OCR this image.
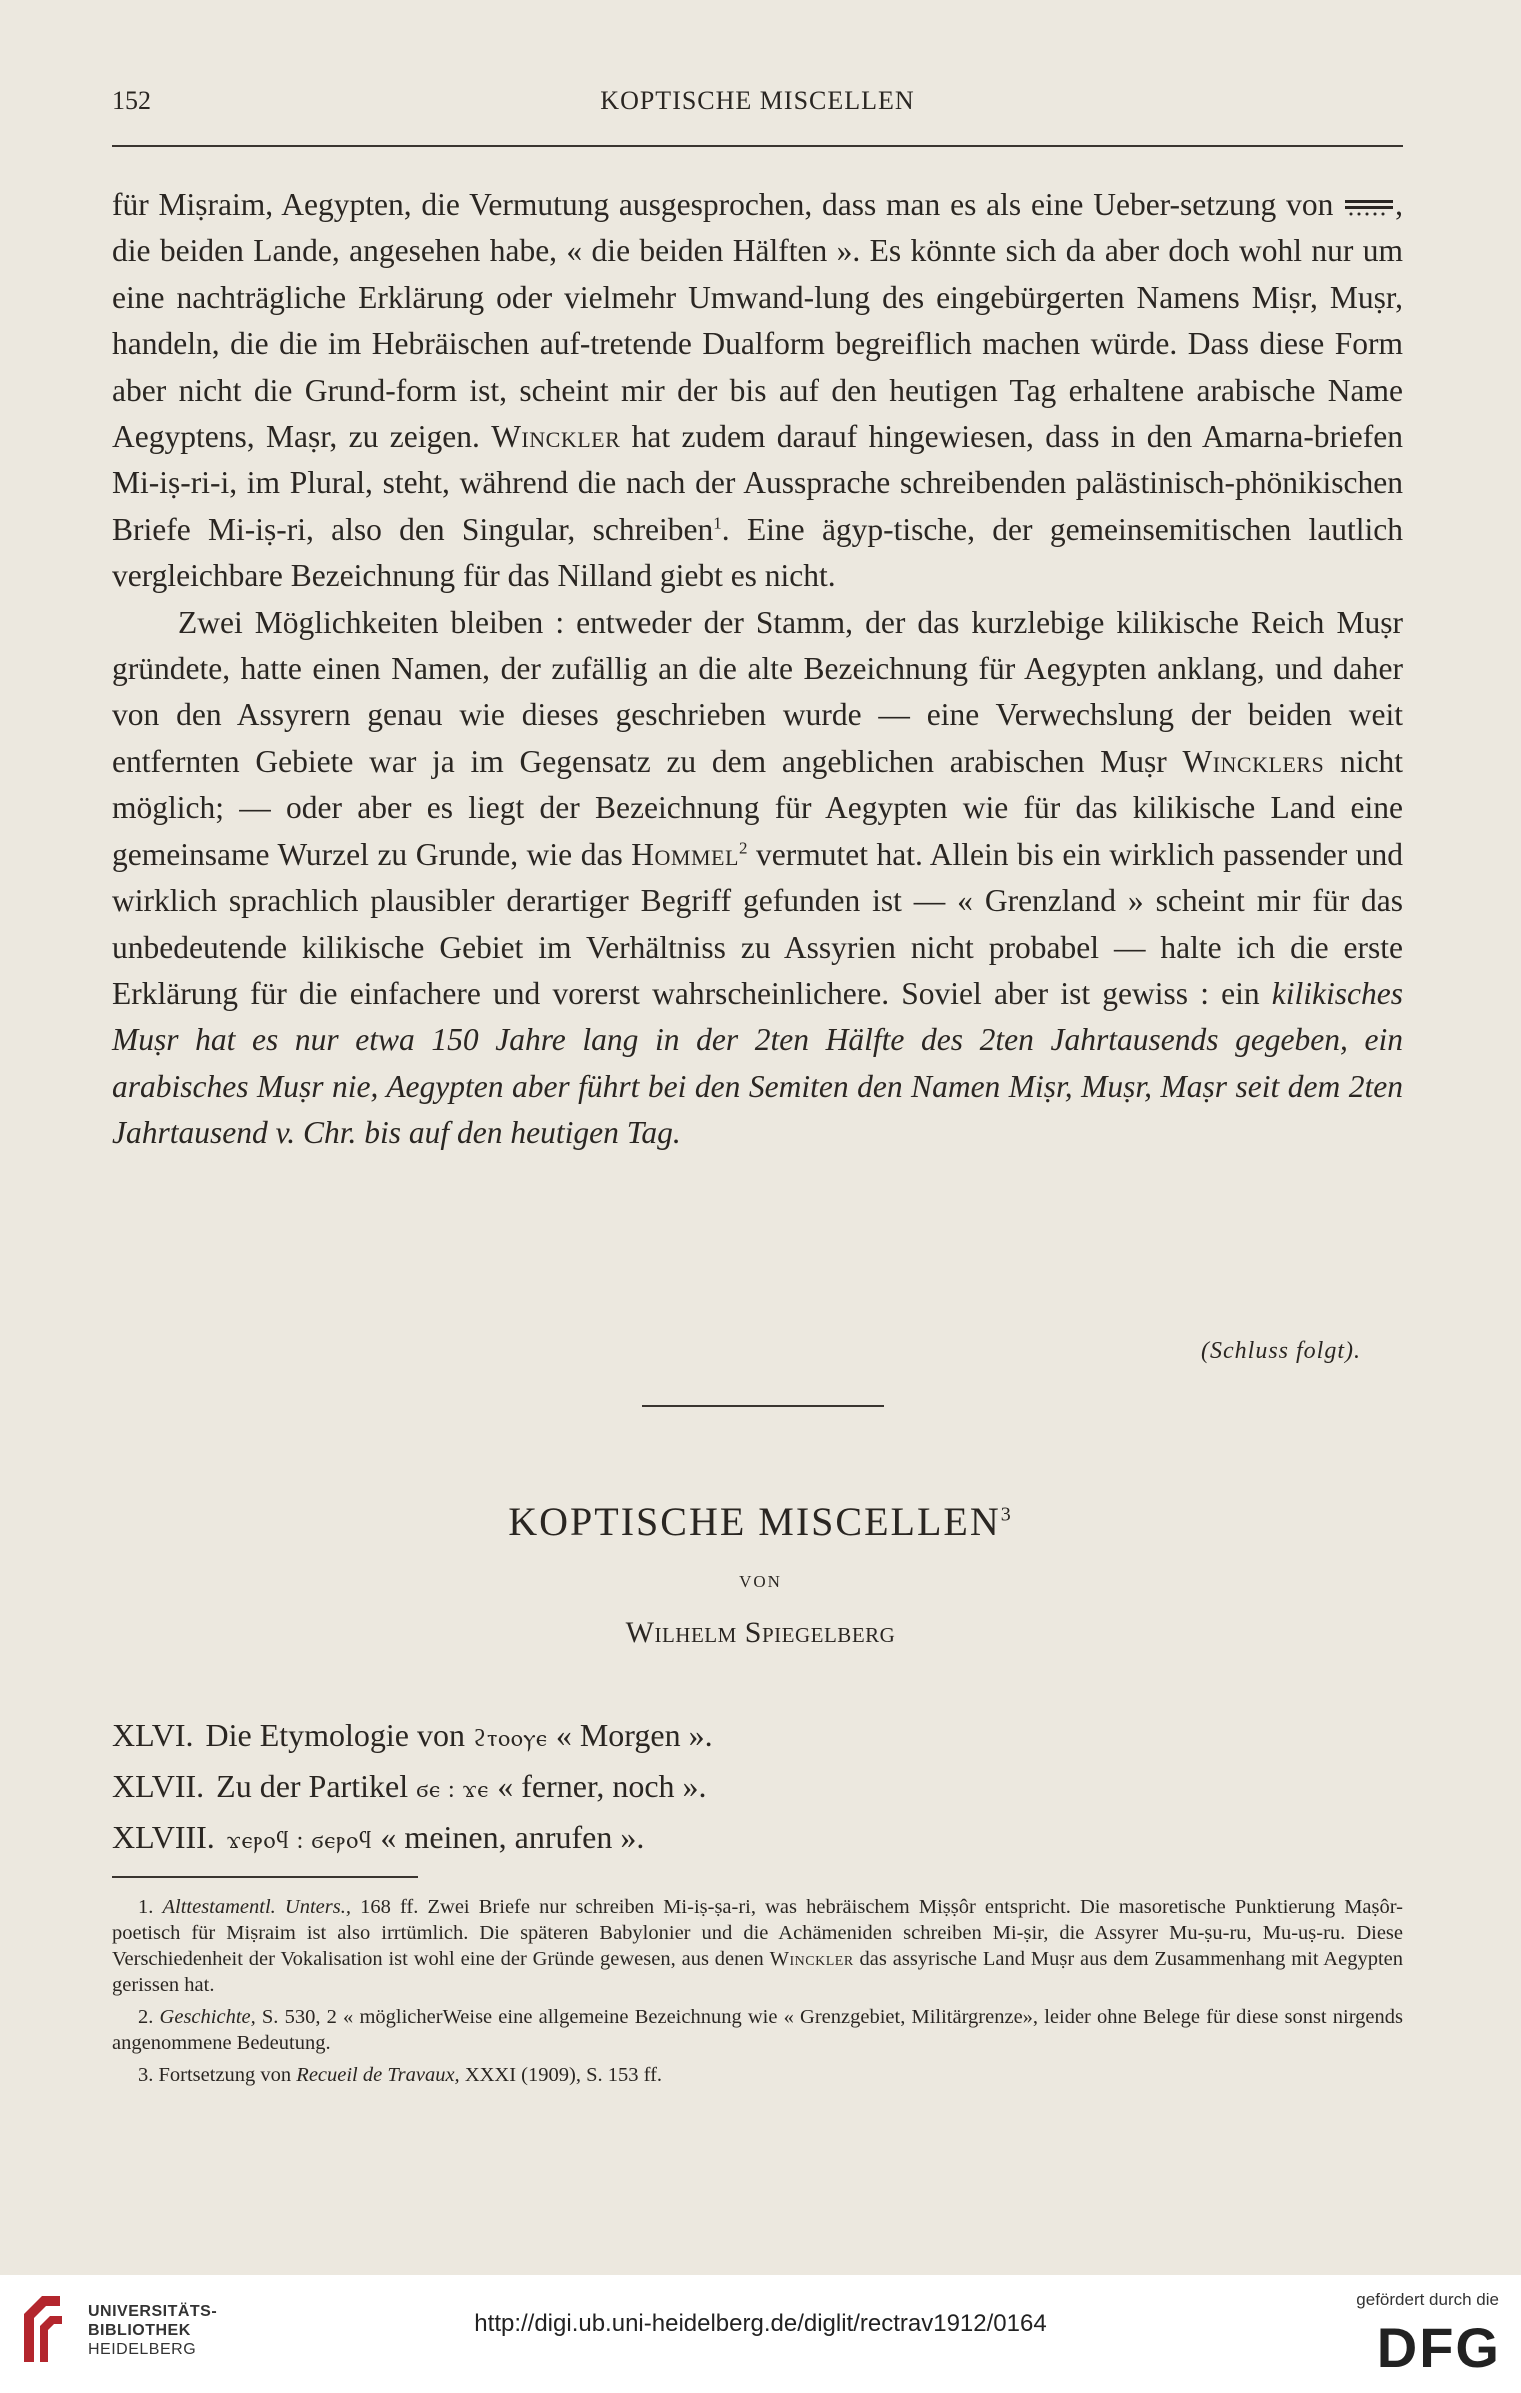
152	KOPTISCHE MISCELLEN

für Miṣraim, Aegypten, die Vermutung ausgesprochen, dass man es als eine Ueber-setzung von , die beiden Lande, angesehen habe, « die beiden Hälften ». Es könnte sich da aber doch wohl nur um eine nachträgliche Erklärung oder vielmehr Umwand-lung des eingebürgerten Namens Miṣr, Muṣr, handeln, die die im Hebräischen auf-tretende Dualform begreiflich machen würde. Dass diese Form aber nicht die Grund-form ist, scheint mir der bis auf den heutigen Tag erhaltene arabische Name Aegyptens, Maṣr, zu zeigen. Winckler hat zudem darauf hingewiesen, dass in den Amarna-briefen Mi-iṣ-ri-i, im Plural, steht, während die nach der Aussprache schreibenden palästinisch-phönikischen Briefe Mi-iṣ-ri, also den Singular, schreiben$^1$. Eine ägyp-tische, der gemeinsemitischen lautlich vergleichbare Bezeichnung für das Nilland giebt es nicht.

Zwei Möglichkeiten bleiben : entweder der Stamm, der das kurzlebige kilikische Reich Muṣr gründete, hatte einen Namen, der zufällig an die alte Bezeichnung für Aegypten anklang, und daher von den Assyrern genau wie dieses geschrieben wurde — eine Verwechslung der beiden weit entfernten Gebiete war ja im Gegensatz zu dem angeblichen arabischen Muṣr Wincklers nicht möglich; — oder aber es liegt der Bezeichnung für Aegypten wie für das kilikische Land eine gemeinsame Wurzel zu Grunde, wie das Hommel$^2$ vermutet hat. Allein bis ein wirklich passender und wirklich sprachlich plausibler derartiger Begriff gefunden ist — « Grenzland » scheint mir für das unbedeutende kilikische Gebiet im Verhältniss zu Assyrien nicht probabel — halte ich die erste Erklärung für die einfachere und vorerst wahrscheinlichere. Soviel aber ist gewiss : ein kilikisches Muṣr hat es nur etwa 150 Jahre lang in der 2ten Hälfte des 2ten Jahrtausends gegeben, ein arabisches Muṣr nie, Aegypten aber führt bei den Semiten den Namen Miṣr, Muṣr, Maṣr seit dem 2ten Jahrtausend v. Chr. bis auf den heutigen Tag.

(Schluss folgt).
KOPTISCHE MISCELLEN$^3$
VON
Wilhelm Spiegelberg
XLVI. Die Etymologie von ϩⲧⲟⲟⲩⲉ « Morgen ».
XLVII. Zu der Partikel ϭⲉ : ϫⲉ « ferner, noch ».
XLVIII. ϫⲉⲣⲟϥ : ϭⲉⲣⲟϥ « meinen, anrufen ».

1. Alttestamentl. Unters., 168 ff. Zwei Briefe nur schreiben Mi-iṣ-ṣa-ri, was hebräischem Miṣṣôr entspricht. Die masoretische Punktierung Maṣôr-poetisch für Miṣraim ist also irrtümlich. Die späteren Babylonier und die Achämeniden schreiben Mi-ṣir, die Assyrer Mu-ṣu-ru, Mu-uṣ-ru. Diese Verschiedenheit der Vokalisation ist wohl eine der Gründe gewesen, aus denen Winckler das assyrische Land Muṣr aus dem Zusammenhang mit Aegypten gerissen hat.

2. Geschichte, S. 530, 2 « möglicherWeise eine allgemeine Bezeichnung wie « Grenzgebiet, Militärgrenze», leider ohne Belege für diese sonst nirgends angenommene Bedeutung.

3. Fortsetzung von Recueil de Travaux, XXXI (1909), S. 153 ff.

UNIVERSITÄTS-
BIBLIOTHEK
HEIDELBERG
http://digi.ub.uni-heidelberg.de/diglit/rectrav1912/0164
gefördert durch die
DFG
